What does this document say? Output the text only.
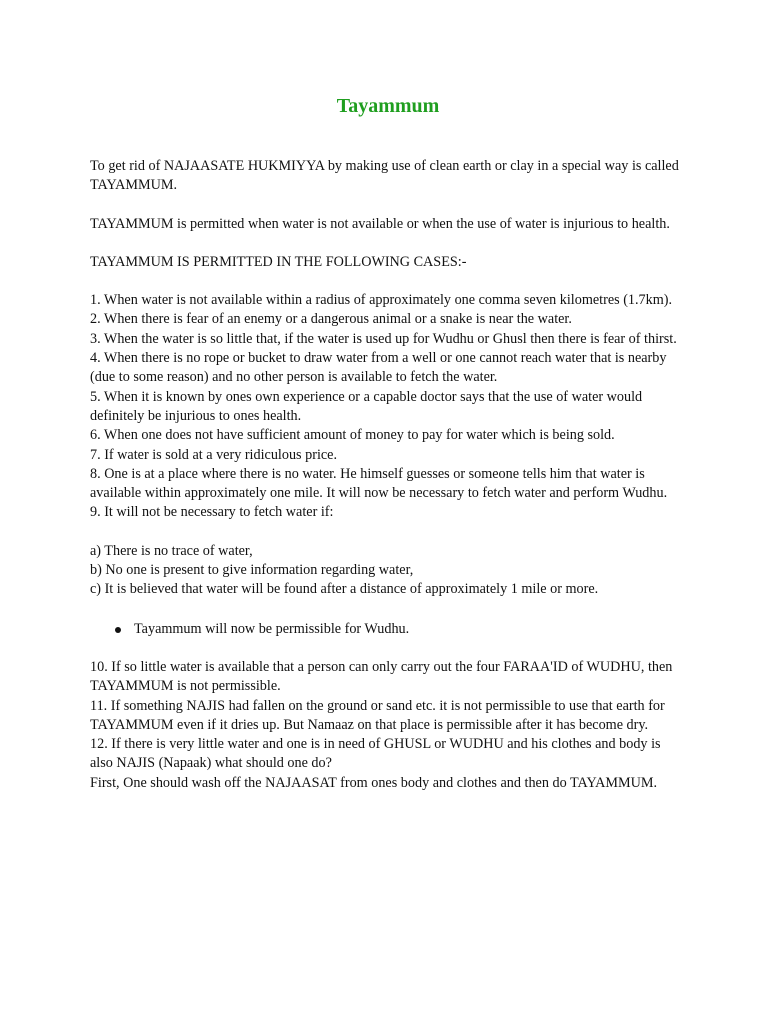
Tayammum
To get rid of NAJAASATE HUKMIYYA by making use of clean earth or clay in a special way is called TAYAMMUM.
TAYAMMUM is permitted when water is not available or when the use of water is injurious to health.
TAYAMMUM IS PERMITTED IN THE FOLLOWING CASES:-
1. When water is not available within a radius of approximately one comma seven kilometres (1.7km).
2. When there is fear of an enemy or a dangerous animal or a snake is near the water.
3. When the water is so little that, if the water is used up for Wudhu or Ghusl then there is fear of thirst.
4. When there is no rope or bucket to draw water from a well or one cannot reach water that is nearby (due to some reason) and no other person is available to fetch the water.
5. When it is known by ones own experience or a capable doctor says that the use of water would definitely be injurious to ones health.
6. When one does not have sufficient amount of money to pay for water which is being sold.
7. If water is sold at a very ridiculous price.
8. One is at a place where there is no water. He himself guesses or someone tells him that water is available within approximately one mile. It will now be necessary to fetch water and perform Wudhu.
9. It will not be necessary to fetch water if:
a) There is no trace of water,
b) No one is present to give information regarding water,
c) It is believed that water will be found after a distance of approximately 1 mile or more.
Tayammum will now be permissible for Wudhu.
10. If so little water is available that a person can only carry out the four FARAA'ID of WUDHU, then TAYAMMUM is not permissible.
11. If something NAJIS had fallen on the ground or sand etc. it is not permissible to use that earth for TAYAMMUM even if it dries up. But Namaaz on that place is permissible after it has become dry.
12. If there is very little water and one is in need of GHUSL or WUDHU and his clothes and body is also NAJIS (Napaak) what should one do?
First, One should wash off the NAJAASAT from ones body and clothes and then do TAYAMMUM.
